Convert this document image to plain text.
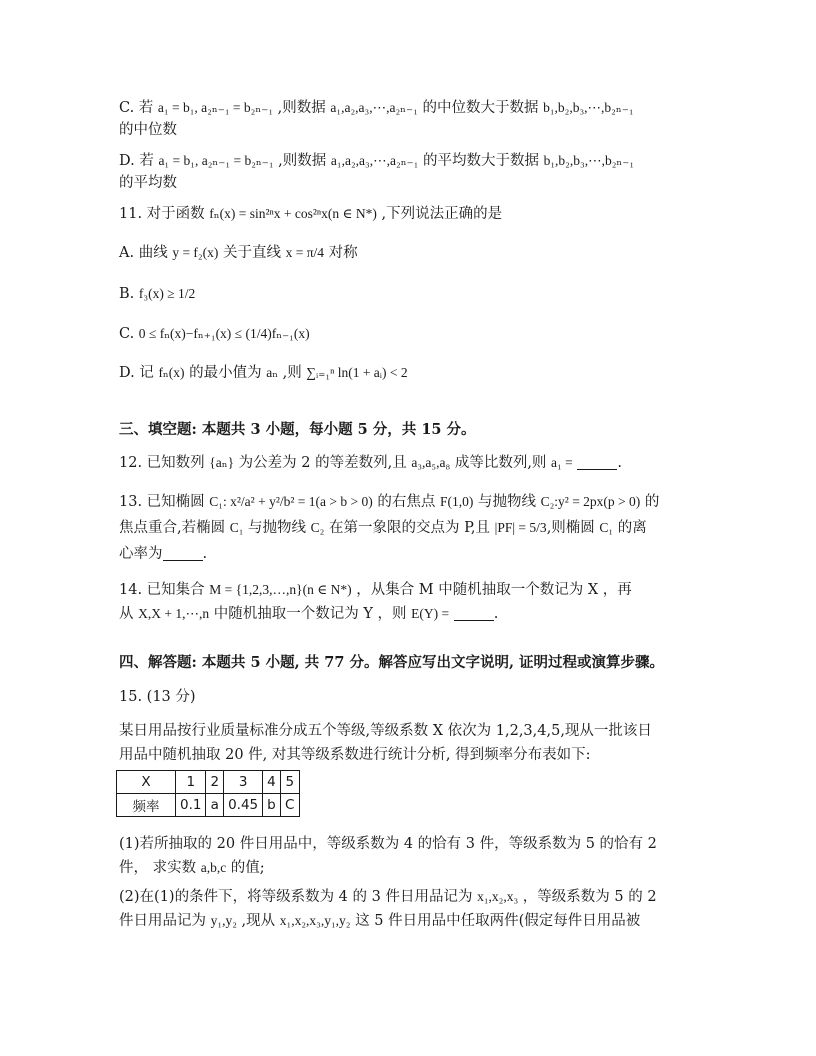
C. 若 a₁ = b₁, a₂ₙ₋₁ = b₂ₙ₋₁ ,则数据 a₁,a₂,a₃,⋯,a₂ₙ₋₁ 的中位数大于数据 b₁,b₂,b₃,⋯,b₂ₙ₋₁
的中位数

D. 若 a₁ = b₁, a₂ₙ₋₁ = b₂ₙ₋₁ ,则数据 a₁,a₂,a₃,⋯,a₂ₙ₋₁ 的平均数大于数据 b₁,b₂,b₃,⋯,b₂ₙ₋₁
的平均数

11. 对于函数 fₙ(x) = sin²ⁿx + cos²ⁿx(n ∈ N*) ,下列说法正确的是

A. 曲线 y = f₂(x) 关于直线 x = π/4 对称

B. f₃(x) ≥ 1/2

C. 0 ≤ fₙ(x)−fₙ₊₁(x) ≤ (1/4)fₙ₋₁(x)

D. 记 fₙ(x) 的最小值为 aₙ ,则 ∑ᵢ₌₁ⁿ ln(1 + aᵢ) < 2

三、填空题: 本题共 3 小题，每小题 5 分，共 15 分。

12. 已知数列 {aₙ} 为公差为 2 的等差数列,且 a₃,a₅,a₈ 成等比数列,则 a₁ =	.

13. 已知椭圆 C₁: x²/a² + y²/b² = 1(a > b > 0) 的右焦点 F(1,0) 与抛物线 C₂:y² = 2px(p > 0) 的
焦点重合,若椭圆 C₁ 与抛物线 C₂ 在第一象限的交点为 P,且 |PF| = 5/3,则椭圆 C₁ 的离
心率为	.

14. 已知集合 M = {1,2,3,…,n}(n ∈ N*) ，从集合 M 中随机抽取一个数记为 X ，再
从 X,X + 1,⋯,n 中随机抽取一个数记为 Y ，则 E(Y) =	.

四、解答题: 本题共 5 小题, 共 77 分。解答应写出文字说明, 证明过程或演算步骤。

15. (13 分)

某日用品按行业质量标准分成五个等级,等级系数 X 依次为 1,2,3,4,5,现从一批该日
用品中随机抽取 20 件, 对其等级系数进行统计分析, 得到频率分布表如下:

X	1	2	3	4	5
频率	0.1	a	0.45	b	C

(1)若所抽取的 20 件日用品中，等级系数为 4 的恰有 3 件，等级系数为 5 的恰有 2
件， 求实数 a,b,c 的值;

(2)在(1)的条件下，将等级系数为 4 的 3 件日用品记为 x₁,x₂,x₃ ，等级系数为 5 的 2
件日用品记为 y₁,y₂ ,现从 x₁,x₂,x₃,y₁,y₂ 这 5 件日用品中任取两件(假定每件日用品被
